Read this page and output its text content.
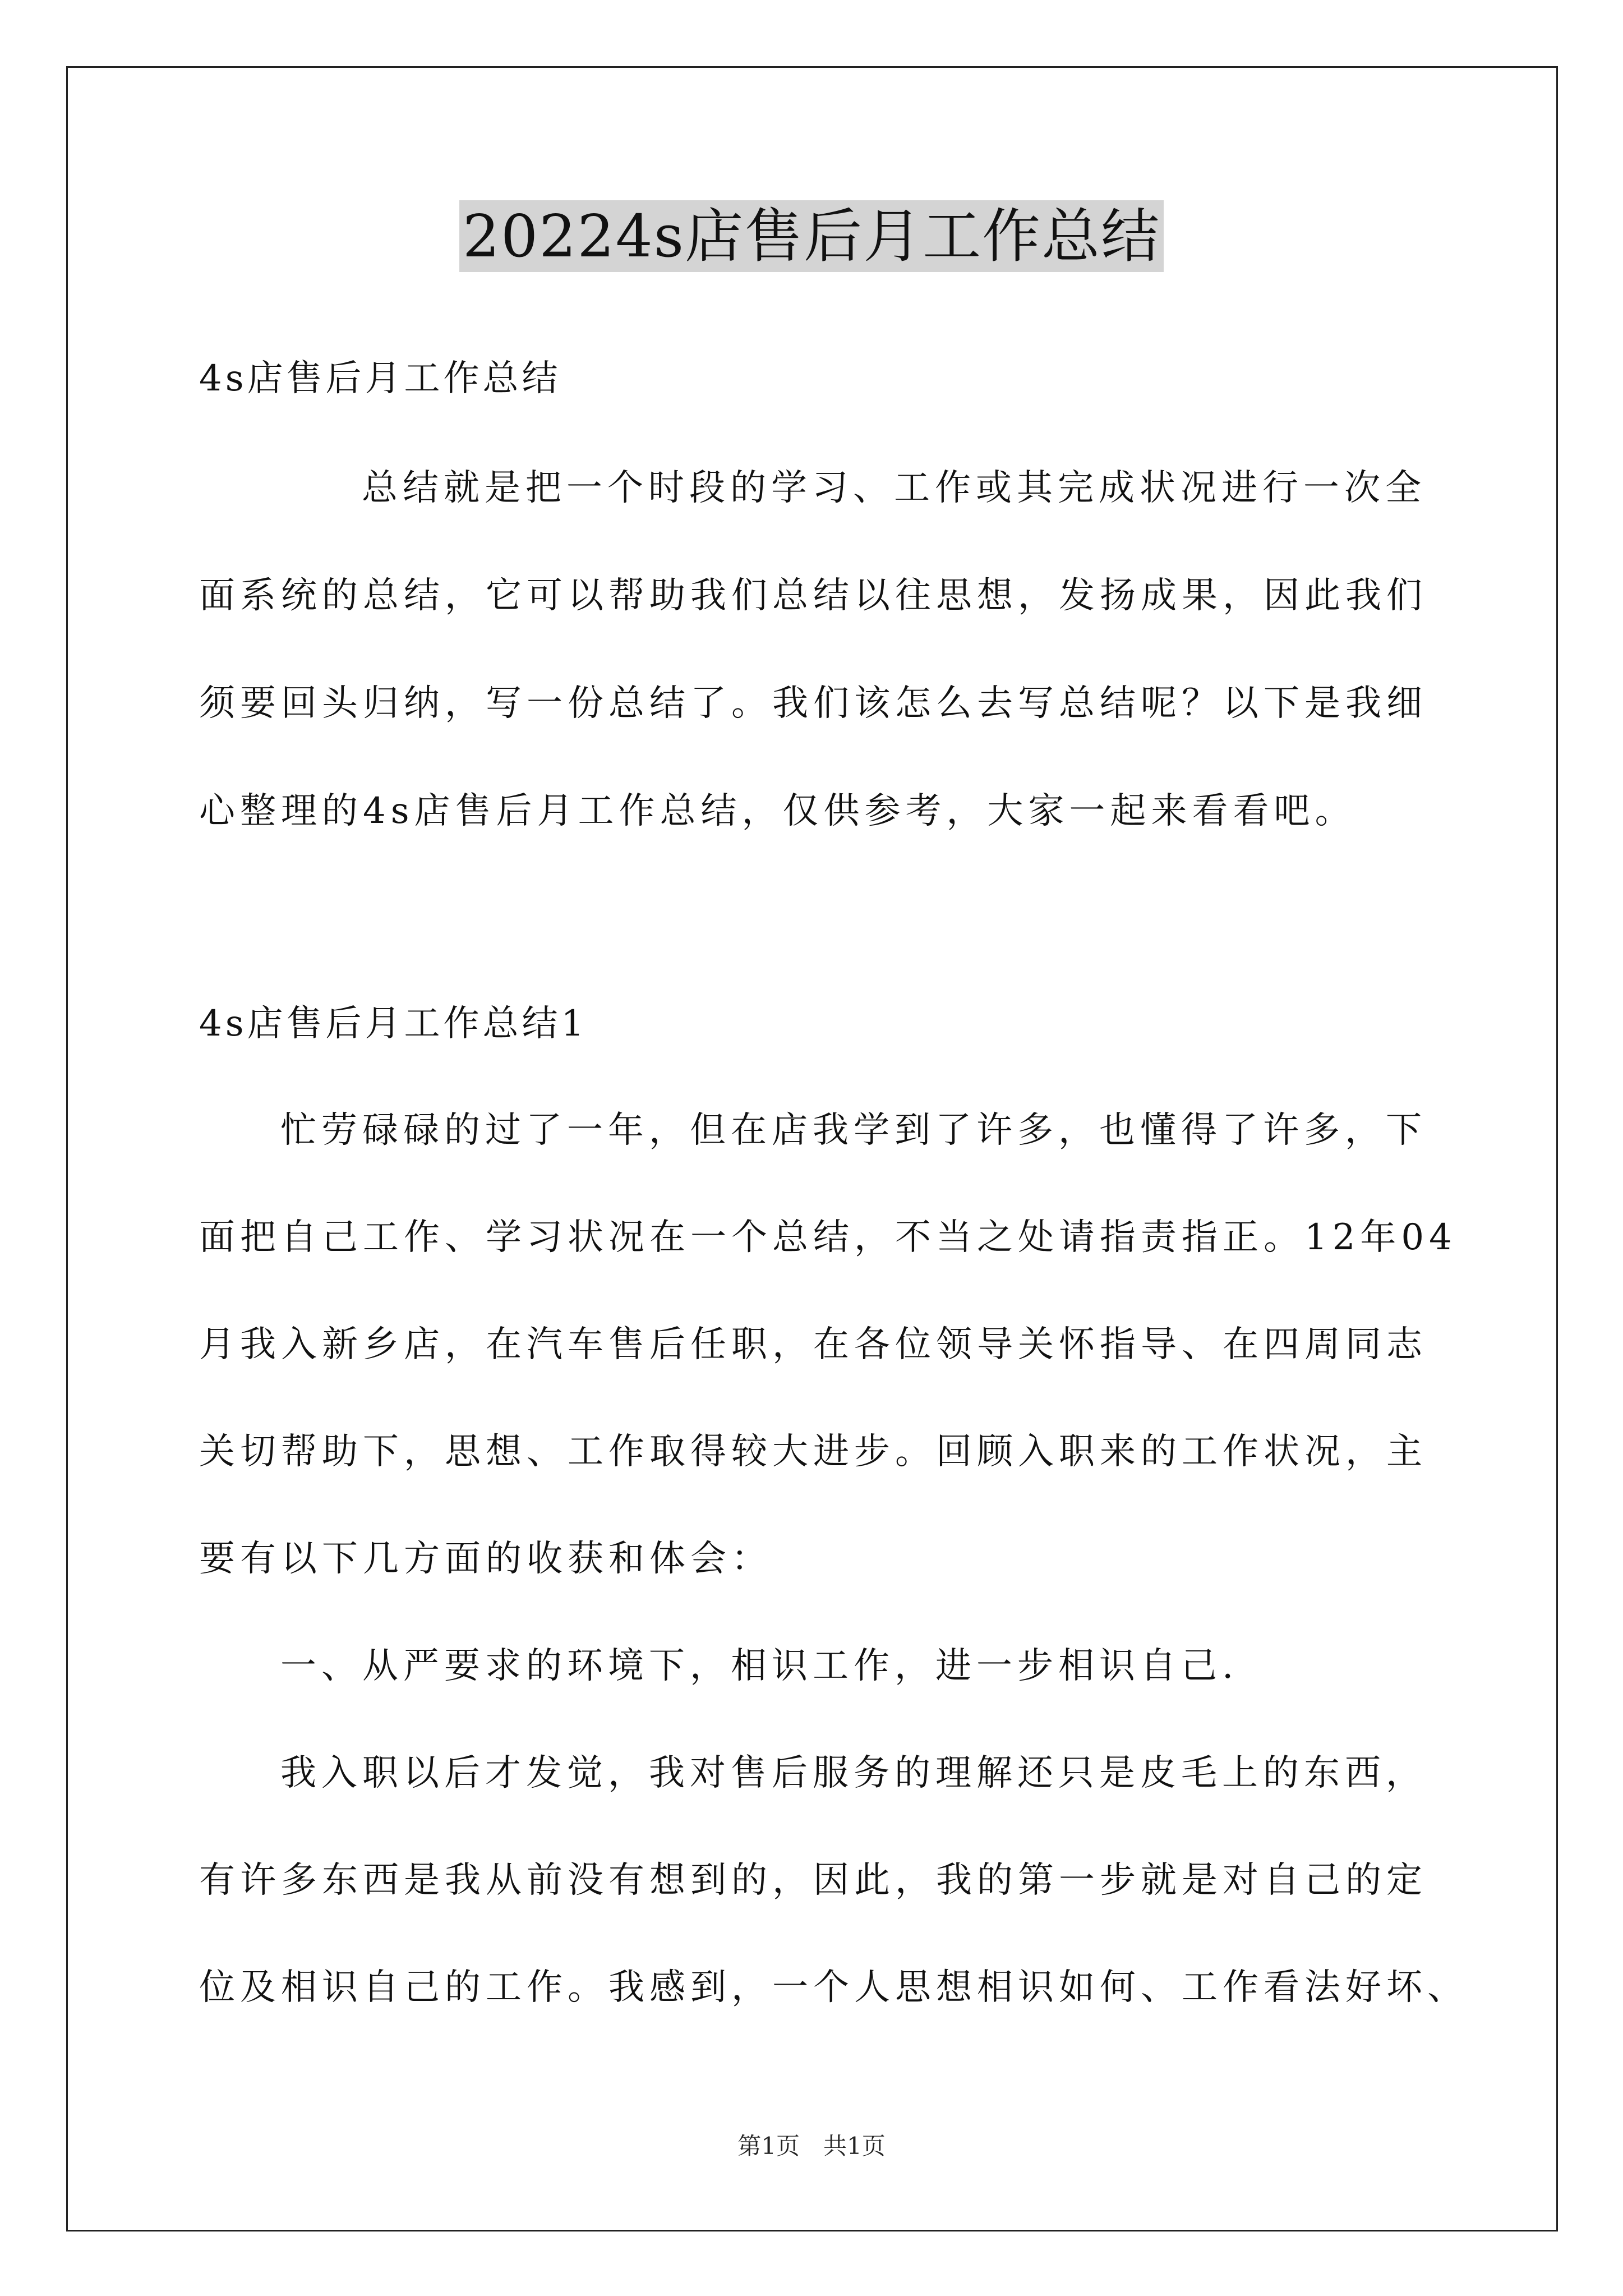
20224s店售后月工作总结
4s店售后月工作总结
总结就是把一个时段的学习、工作或其完成状况进行一次全
面系统的总结，它可以帮助我们总结以往思想，发扬成果，因此我们
须要回头归纳，写一份总结了。我们该怎么去写总结呢？以下是我细
心整理的4s店售后月工作总结，仅供参考，大家一起来看看吧。
4s店售后月工作总结1
忙劳碌碌的过了一年，但在店我学到了许多，也懂得了许多，下
面把自己工作、学习状况在一个总结，不当之处请指责指正。12年04
月我入新乡店，在汽车售后任职，在各位领导关怀指导、在四周同志
关切帮助下，思想、工作取得较大进步。回顾入职来的工作状况，主
要有以下几方面的收获和体会：
一、从严要求的环境下，相识工作，进一步相识自己.
我入职以后才发觉，我对售后服务的理解还只是皮毛上的东西，
有许多东西是我从前没有想到的，因此，我的第一步就是对自己的定
位及相识自己的工作。我感到，一个人思想相识如何、工作看法好坏、
第1页　共1页
